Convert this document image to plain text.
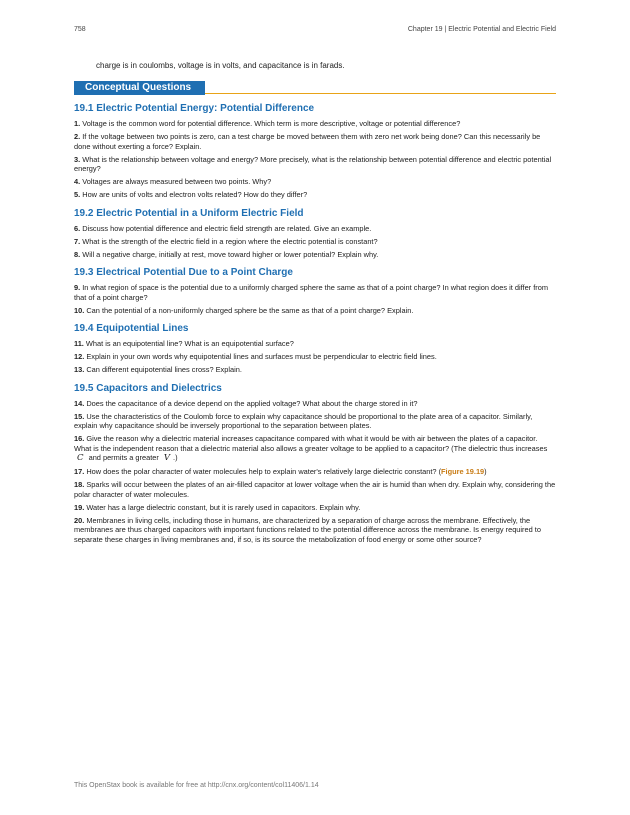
758	Chapter 19 | Electric Potential and Electric Field
charge is in coulombs, voltage is in volts, and capacitance is in farads.
Conceptual Questions
19.1 Electric Potential Energy: Potential Difference

1. Voltage is the common word for potential difference. Which term is more descriptive, voltage or potential difference?

2. If the voltage between two points is zero, can a test charge be moved between them with zero net work being done? Can this necessarily be done without exerting a force? Explain.

3. What is the relationship between voltage and energy? More precisely, what is the relationship between potential difference and electric potential energy?

4. Voltages are always measured between two points. Why?

5. How are units of volts and electron volts related? How do they differ?

19.2 Electric Potential in a Uniform Electric Field

6. Discuss how potential difference and electric field strength are related. Give an example.

7. What is the strength of the electric field in a region where the electric potential is constant?

8. Will a negative charge, initially at rest, move toward higher or lower potential? Explain why.

19.3 Electrical Potential Due to a Point Charge

9. In what region of space is the potential due to a uniformly charged sphere the same as that of a point charge? In what region does it differ from that of a point charge?

10. Can the potential of a non-uniformly charged sphere be the same as that of a point charge? Explain.

19.4 Equipotential Lines

11. What is an equipotential line? What is an equipotential surface?

12. Explain in your own words why equipotential lines and surfaces must be perpendicular to electric field lines.

13. Can different equipotential lines cross? Explain.

19.5 Capacitors and Dielectrics

14. Does the capacitance of a device depend on the applied voltage? What about the charge stored in it?

15. Use the characteristics of the Coulomb force to explain why capacitance should be proportional to the plate area of a capacitor. Similarly, explain why capacitance should be inversely proportional to the separation between plates.

16. Give the reason why a dielectric material increases capacitance compared with what it would be with air between the plates of a capacitor. What is the independent reason that a dielectric material also allows a greater voltage to be applied to a capacitor? (The dielectric thus increases C and permits a greater V .)

17. How does the polar character of water molecules help to explain water's relatively large dielectric constant? (Figure 19.19)

18. Sparks will occur between the plates of an air-filled capacitor at lower voltage when the air is humid than when dry. Explain why, considering the polar character of water molecules.

19. Water has a large dielectric constant, but it is rarely used in capacitors. Explain why.

20. Membranes in living cells, including those in humans, are characterized by a separation of charge across the membrane. Effectively, the membranes are thus charged capacitors with important functions related to the potential difference across the membrane. Is energy required to separate these charges in living membranes and, if so, is its source the metabolization of food energy or some other source?

This OpenStax book is available for free at http://cnx.org/content/col11406/1.14
